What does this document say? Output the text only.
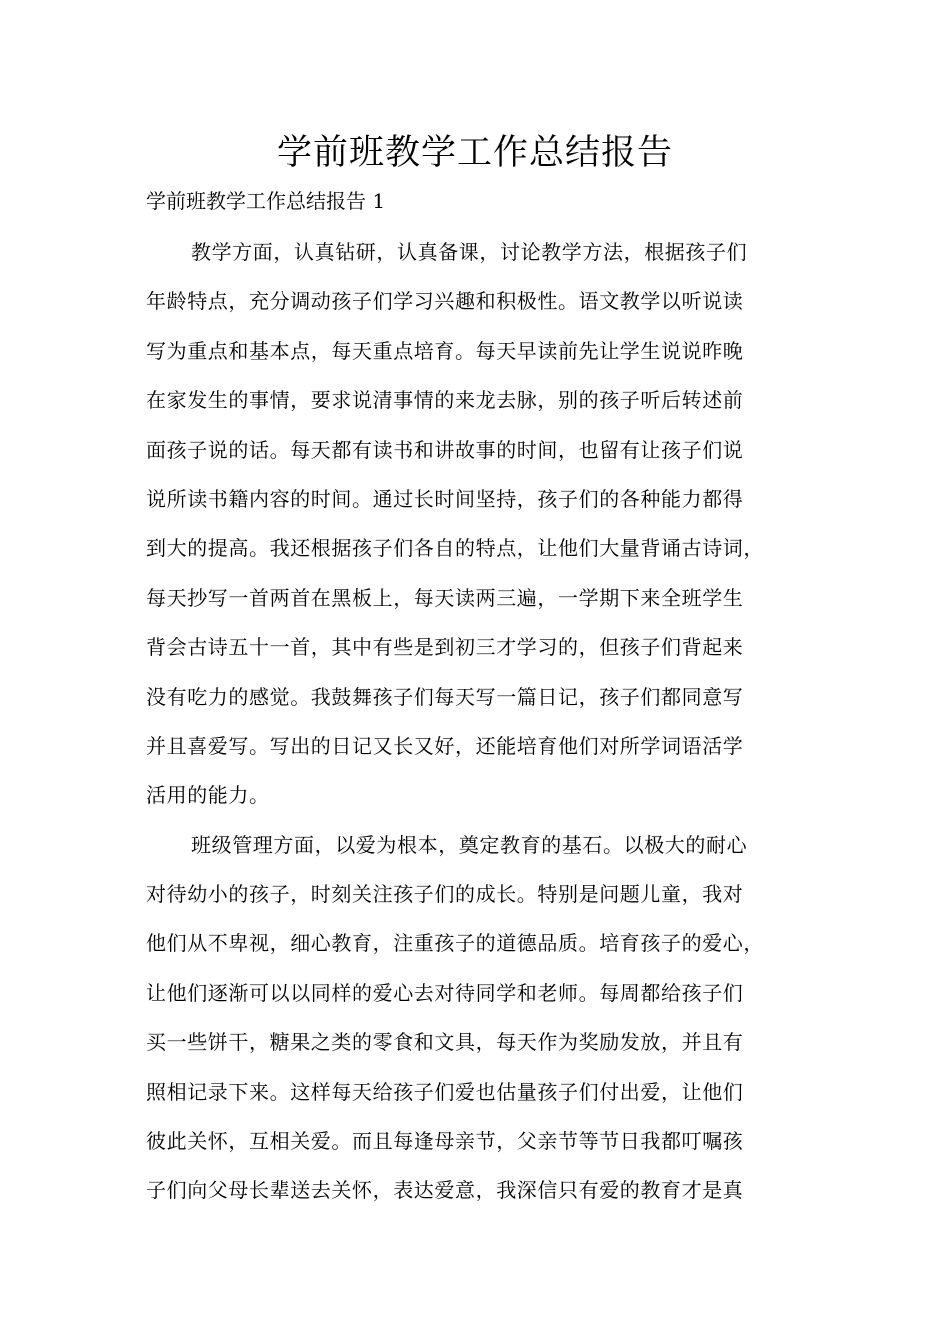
学前班教学工作总结报告
学前班教学工作总结报告 1
教学方面，认真钻研，认真备课，讨论教学方法，根据孩子们
年龄特点，充分调动孩子们学习兴趣和积极性。语文教学以听说读
写为重点和基本点，每天重点培育。每天早读前先让学生说说昨晚
在家发生的事情，要求说清事情的来龙去脉，别的孩子听后转述前
面孩子说的话。每天都有读书和讲故事的时间，也留有让孩子们说
说所读书籍内容的时间。通过长时间坚持，孩子们的各种能力都得
到大的提高。我还根据孩子们各自的特点，让他们大量背诵古诗词，
每天抄写一首两首在黑板上，每天读两三遍，一学期下来全班学生
背会古诗五十一首，其中有些是到初三才学习的，但孩子们背起来
没有吃力的感觉。我鼓舞孩子们每天写一篇日记，孩子们都同意写
并且喜爱写。写出的日记又长又好，还能培育他们对所学词语活学
活用的能力。
班级管理方面，以爱为根本，奠定教育的基石。以极大的耐心
对待幼小的孩子，时刻关注孩子们的成长。特别是问题儿童，我对
他们从不卑视，细心教育，注重孩子的道德品质。培育孩子的爱心，
让他们逐渐可以以同样的爱心去对待同学和老师。每周都给孩子们
买一些饼干，糖果之类的零食和文具，每天作为奖励发放，并且有
照相记录下来。这样每天给孩子们爱也估量孩子们付出爱，让他们
彼此关怀，互相关爱。而且每逢母亲节，父亲节等节日我都叮嘱孩
子们向父母长辈送去关怀，表达爱意，我深信只有爱的教育才是真
